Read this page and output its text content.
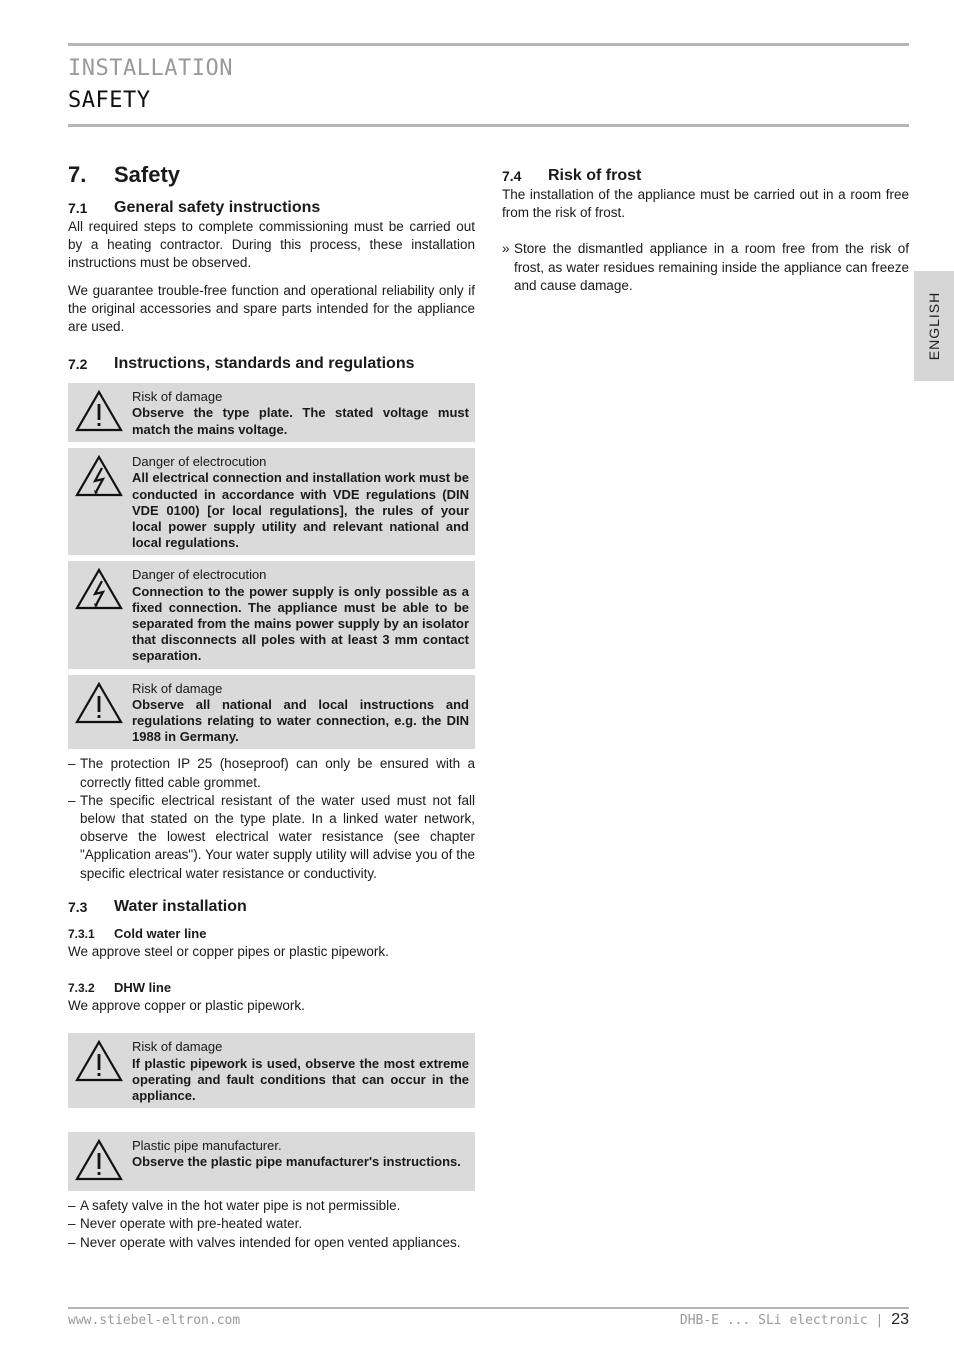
INSTALLATION
SAFETY
ENGLISH
7.	Safety
7.1	General safety instructions

All required steps to complete commissioning must be carried out by a heating contractor. During this process, these installation instructions must be observed.

We guarantee trouble-free function and operational reliability only if the original accessories and spare parts intended for the appliance are used.

7.2	Instructions, standards and regulations
Risk of damage
Observe the type plate. The stated voltage must match the mains voltage.
Danger of electrocution
All electrical connection and installation work must be conducted in accordance with VDE regulations (DIN VDE 0100) [or local regulations], the rules of your local power supply utility and relevant national and local regulations.
Danger of electrocution
Connection to the power supply is only possible as a fixed connection. The appliance must be able to be separated from the mains power supply by an isolator that disconnects all poles with at least 3 mm contact separation.
Risk of damage
Observe all national and local instructions and regulations relating to water connection, e.g. the DIN 1988 in Germany.
– The protection IP 25 (hoseproof) can only be ensured with a correctly fitted cable grommet.
– The specific electrical resistant of the water used must not fall below that stated on the type plate. In a linked water network, observe the lowest electrical water resistance (see chapter "Application areas"). Your water supply utility will advise you of the specific electrical water resistance or conductivity.
7.3	Water installation
7.3.1	Cold water line

We approve steel or copper pipes or plastic pipework.

7.3.2	DHW line

We approve copper or plastic pipework.

Risk of damage
If plastic pipework is used, observe the most extreme operating and fault conditions that can occur in the appliance.
Plastic pipe manufacturer.
Observe the plastic pipe manufacturer's instructions.
– A safety valve in the hot water pipe is not permissible.
– Never operate with pre-heated water.
– Never operate with valves intended for open vented appliances.
7.4	Risk of frost

The installation of the appliance must be carried out in a room free from the risk of frost.

» Store the dismantled appliance in a room free from the risk of frost, as water residues remaining inside the appliance can freeze and cause damage.
www.stiebel-eltron.com	DHB-E ... SLi electronic | 23
